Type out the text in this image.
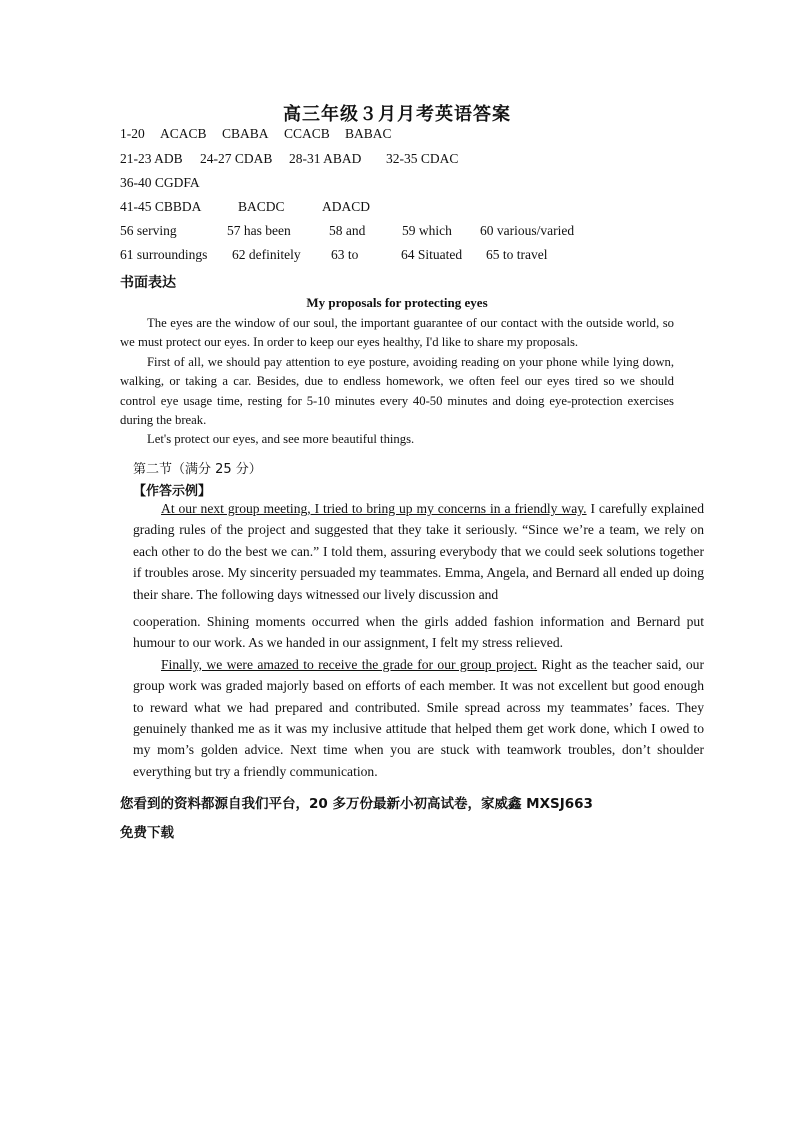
高三年级３月月考英语答案
1-20 ACACB CBABA CCACB BABAC
21-23 ADB 24-27 CDAB 28-31 ABAD 32-35 CDAC
36-40 CGDFA
41-45 CBBDA	BACDC	ADACD
56 serving	57 has been	58 and	59 which 60 various/varied
61 surroundings 62 definitely 63 to	64 Situated 65 to travel
书面表达
My proposals for protecting eyes

The eyes are the window of our soul, the important guarantee of our contact with the outside world, so we must protect our eyes. In order to keep our eyes healthy, I'd like to share my proposals.

First of all, we should pay attention to eye posture, avoiding reading on your phone while lying down, walking, or taking a car. Besides, due to endless homework, we often feel our eyes tired so we should control eye usage time, resting for 5-10 minutes every 40-50 minutes and doing eye-protection exercises during the break.

Let's protect our eyes, and see more beautiful things.

第二节（满分 25 分）
【作答示例】

At our next group meeting, I tried to bring up my concerns in a friendly way. I carefully explained grading rules of the project and suggested that they take it seriously. “Since we’re a team, we rely on each other to do the best we can.” I told them, assuring everybody that we could seek solutions together if troubles arose. My sincerity persuaded my teammates. Emma, Angela, and Bernard all ended up doing their share. The following days witnessed our lively discussion and

cooperation. Shining moments occurred when the girls added fashion information and Bernard put humour to our work. As we handed in our assignment, I felt my stress relieved.

Finally, we were amazed to receive the grade for our group project. Right as the teacher said, our group work was graded majorly based on efforts of each member. It was not excellent but good enough to reward what we had prepared and contributed. Smile spread across my teammates’ faces. They genuinely thanked me as it was my inclusive attitude that helped them get work done, which I owed to my mom’s golden advice. Next time when you are stuck with teamwork troubles, don’t shoulder everything but try a friendly communication.

您看到的资料都源自我们平台，20 多万份最新小初高试卷，家威鑫 MXSJ663
免费下载
